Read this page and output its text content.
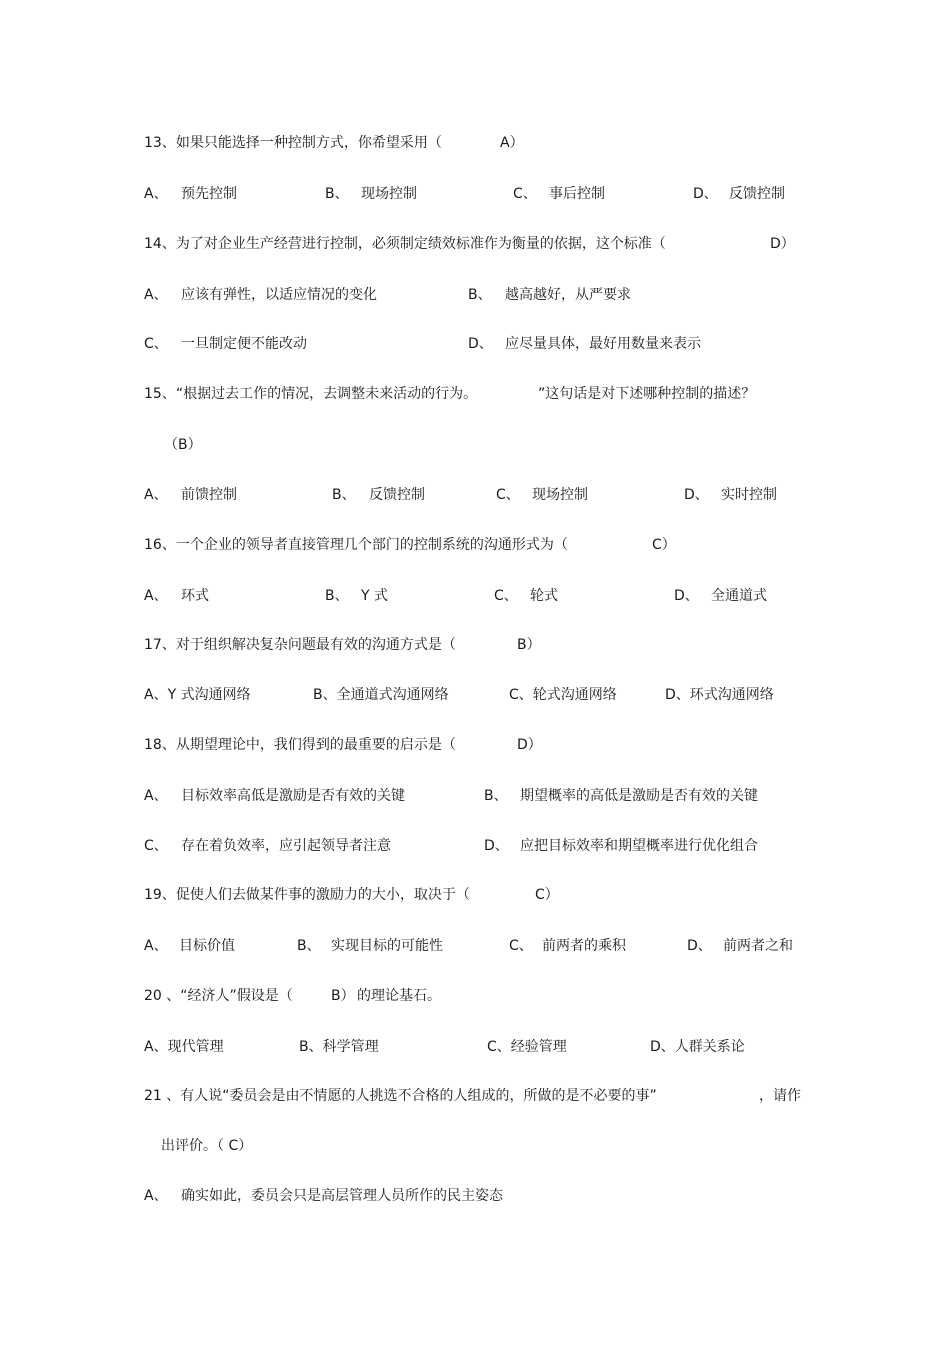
13、如果只能选择一种控制方式，你希望采用（	A）
A、 预先控制	B、 现场控制	C、 事后控制	D、 反馈控制
14、为了对企业生产经营进行控制，必须制定绩效标准作为衡量的依据，这个标准（	D）
A、 应该有弹性，以适应情况的变化	B、 越高越好，从严要求
C、 一旦制定便不能改动	D、 应尽量具体，最好用数量来表示
15、“根据过去工作的情况，去调整未来活动的行为。	”这句话是对下述哪种控制的描述？
（B）
A、 前馈控制	B、 反馈控制	C、 现场控制	D、 实时控制
16、一个企业的领导者直接管理几个部门的控制系统的沟通形式为（	C）
A、 环式	B、 Y 式	C、 轮式	D、 全通道式
17、对于组织解决复杂问题最有效的沟通方式是（	B）
A、Y 式沟通网络	B、全通道式沟通网络	C、轮式沟通网络	D、环式沟通网络
18、从期望理论中，我们得到的最重要的启示是（	D）
A、 目标效率高低是激励是否有效的关键	B、 期望概率的高低是激励是否有效的关键
C、 存在着负效率，应引起领导者注意	D、 应把目标效率和期望概率进行优化组合
19、促使人们去做某件事的激励力的大小，取决于（	C）
A、 目标价值	B、 实现目标的可能性	C、 前两者的乘积	D、 前两者之和
20 、“经济人”假设是（	B） 的理论基石。
A、现代管理	B、科学管理	C、经验管理	D、人群关系论
21 、有人说“委员会是由不情愿的人挑选不合格的人组成的，所做的是不必要的事”	，请作
出评价。（ C）
A、 确实如此，委员会只是高层管理人员所作的民主姿态
